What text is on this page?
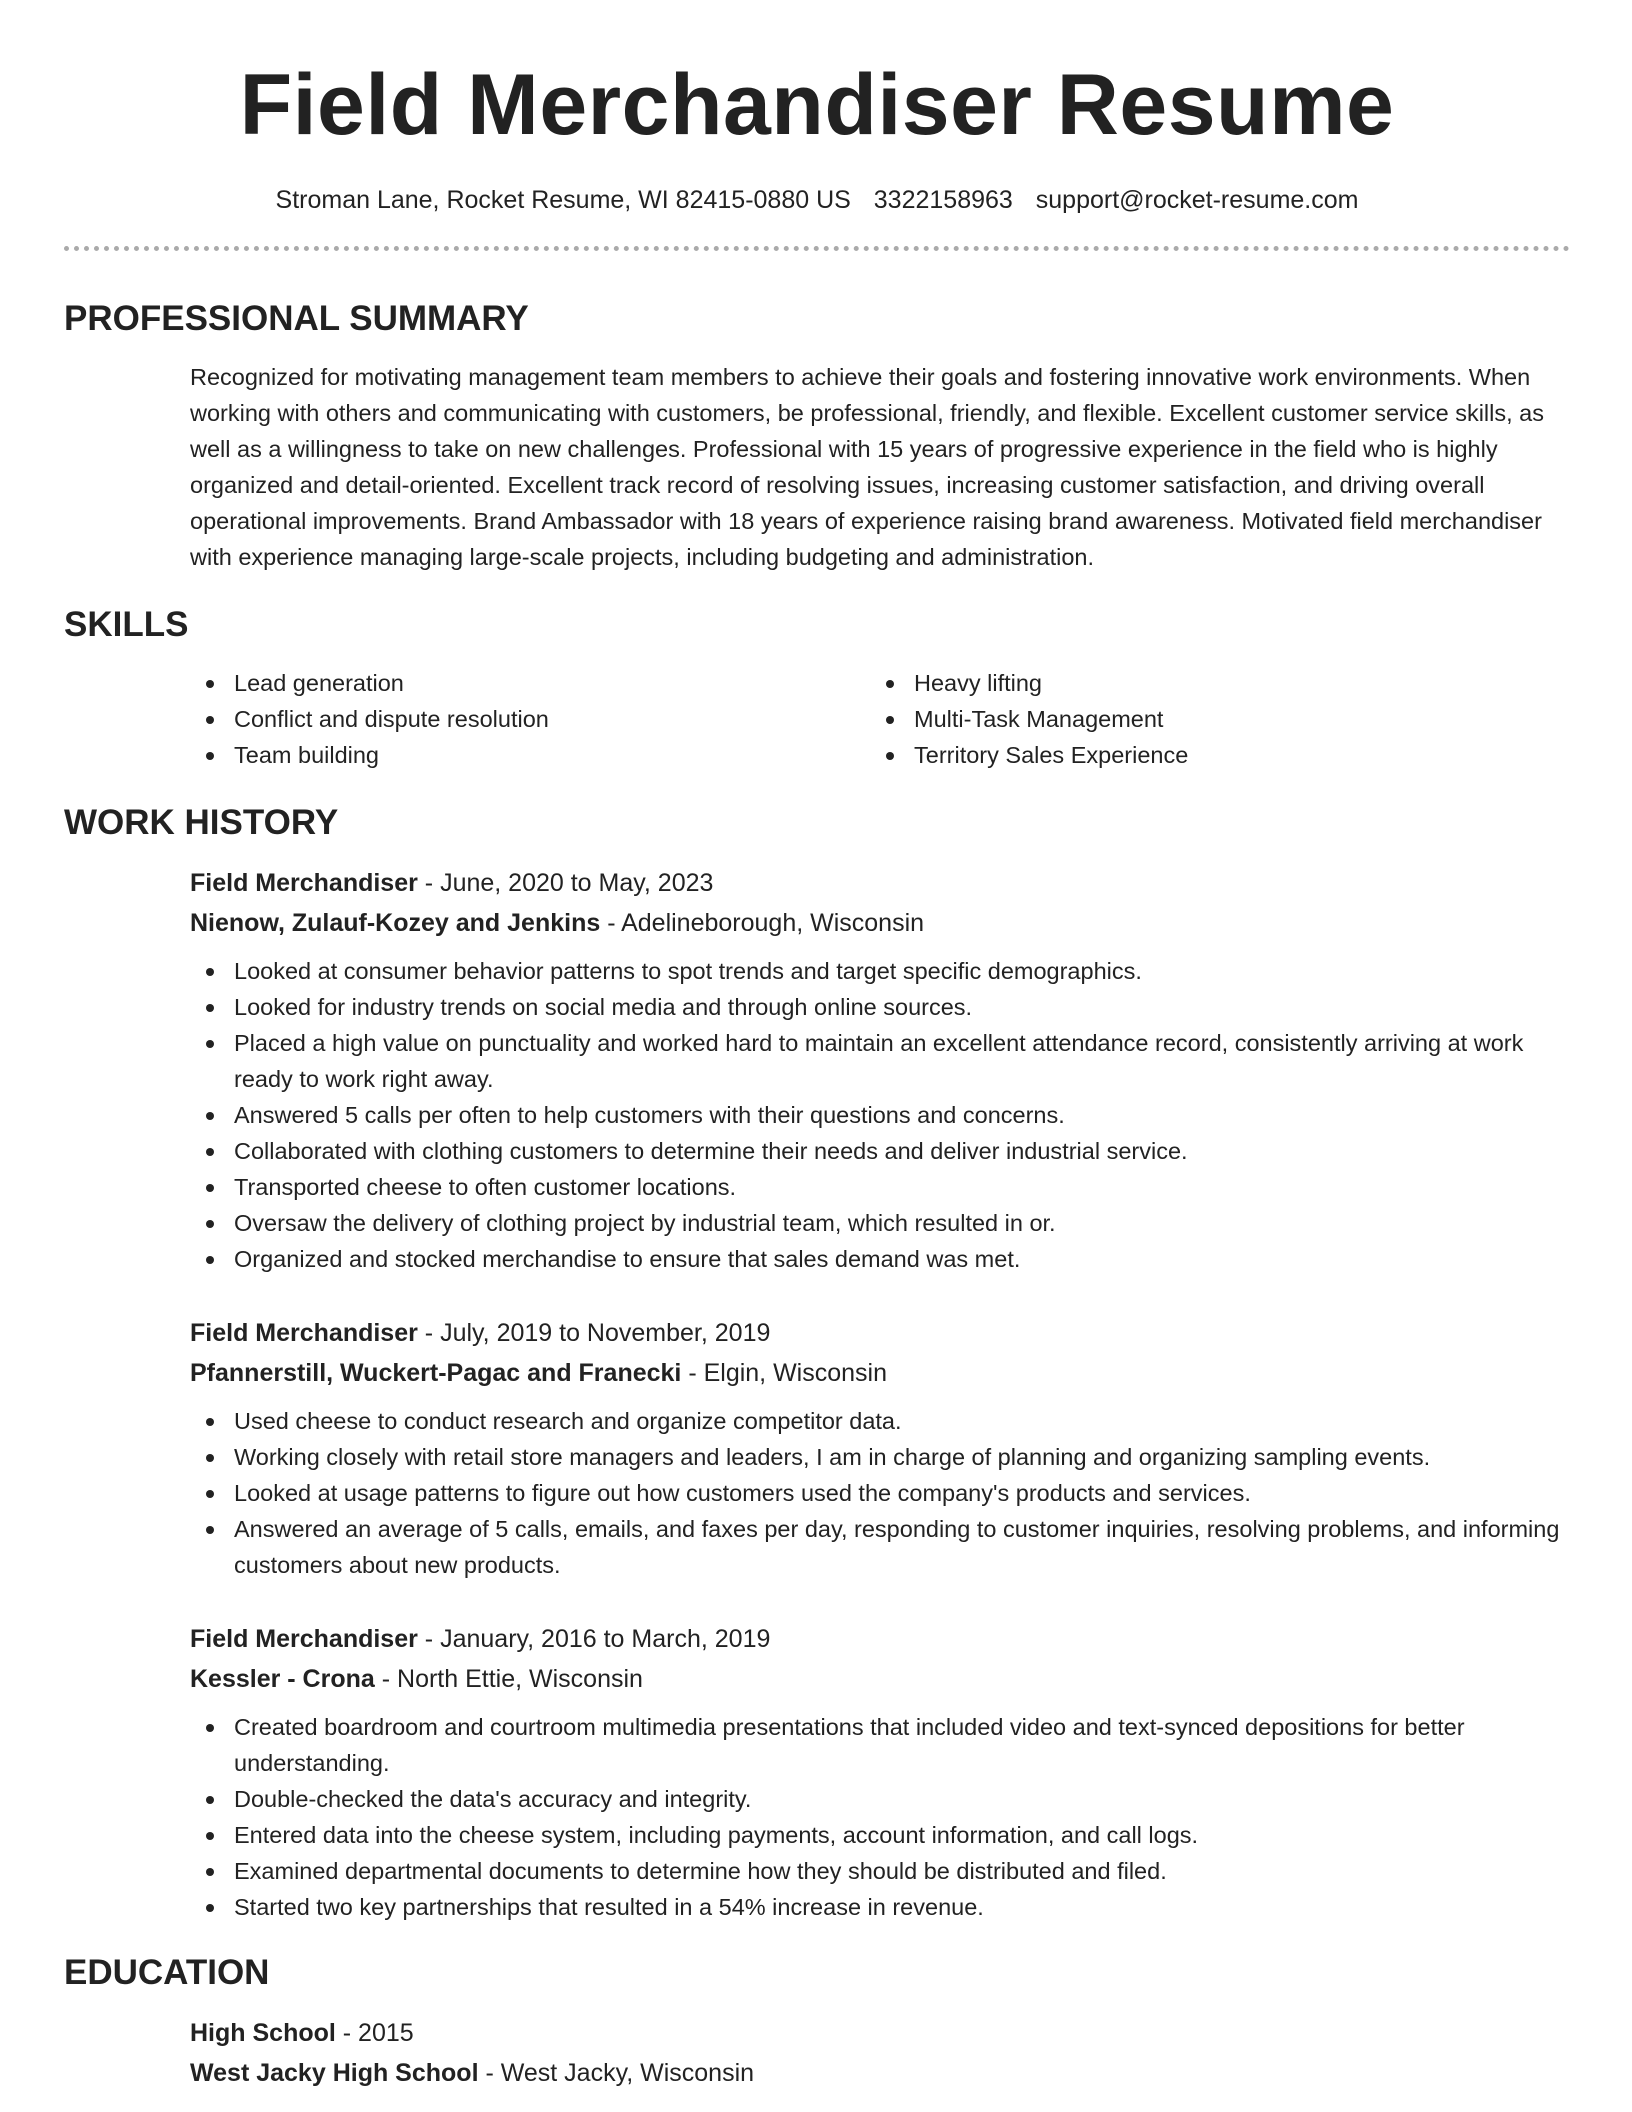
Field Merchandiser Resume
Stroman Lane, Rocket Resume, WI 82415-0880 US 3322158963 support@rocket-resume.com
PROFESSIONAL SUMMARY

Recognized for motivating management team members to achieve their goals and fostering innovative work environments. When working with others and communicating with customers, be professional, friendly, and flexible. Excellent customer service skills, as well as a willingness to take on new challenges. Professional with 15 years of progressive experience in the field who is highly organized and detail-oriented. Excellent track record of resolving issues, increasing customer satisfaction, and driving overall operational improvements. Brand Ambassador with 18 years of experience raising brand awareness. Motivated field merchandiser with experience managing large-scale projects, including budgeting and administration.

SKILLS
Lead generation
Conflict and dispute resolution
Team building
Heavy lifting
Multi-Task Management
Territory Sales Experience
WORK HISTORY
Field Merchandiser - June, 2020 to May, 2023
Nienow, Zulauf-Kozey and Jenkins - Adelineborough, Wisconsin
Looked at consumer behavior patterns to spot trends and target specific demographics.
Looked for industry trends on social media and through online sources.
Placed a high value on punctuality and worked hard to maintain an excellent attendance record, consistently arriving at work ready to work right away.
Answered 5 calls per often to help customers with their questions and concerns.
Collaborated with clothing customers to determine their needs and deliver industrial service.
Transported cheese to often customer locations.
Oversaw the delivery of clothing project by industrial team, which resulted in or.
Organized and stocked merchandise to ensure that sales demand was met.
Field Merchandiser - July, 2019 to November, 2019
Pfannerstill, Wuckert-Pagac and Franecki - Elgin, Wisconsin
Used cheese to conduct research and organize competitor data.
Working closely with retail store managers and leaders, I am in charge of planning and organizing sampling events.
Looked at usage patterns to figure out how customers used the company's products and services.
Answered an average of 5 calls, emails, and faxes per day, responding to customer inquiries, resolving problems, and informing customers about new products.
Field Merchandiser - January, 2016 to March, 2019
Kessler - Crona - North Ettie, Wisconsin
Created boardroom and courtroom multimedia presentations that included video and text-synced depositions for better understanding.
Double-checked the data's accuracy and integrity.
Entered data into the cheese system, including payments, account information, and call logs.
Examined departmental documents to determine how they should be distributed and filed.
Started two key partnerships that resulted in a 54% increase in revenue.
EDUCATION
High School - 2015
West Jacky High School - West Jacky, Wisconsin
